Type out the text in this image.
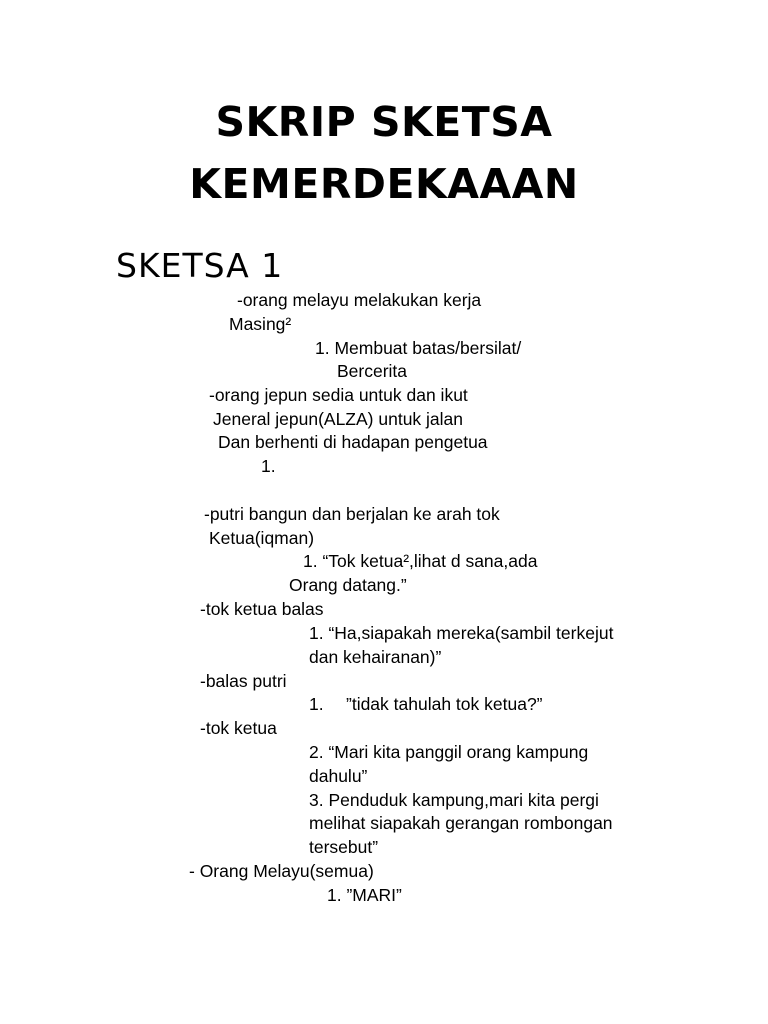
SKRIP SKETSA
KEMERDEKAAAN
SKETSA 1
-orang melayu melakukan kerja
Masing²
1. Membuat batas/bersilat/
Bercerita
-orang jepun sedia untuk dan ikut
Jeneral jepun(ALZA) untuk jalan
Dan berhenti di hadapan pengetua
1.
-putri bangun dan berjalan ke arah tok
Ketua(iqman)
1. “Tok ketua²,lihat d sana,ada
Orang datang.”
-tok ketua balas
1. “Ha,siapakah mereka(sambil terkejut
dan kehairanan)”
-balas putri
1. ”tidak tahulah tok ketua?”
-tok ketua
2. “Mari kita panggil orang kampung
dahulu”
3. Penduduk kampung,mari kita pergi
melihat siapakah gerangan rombongan
tersebut”
- Orang Melayu(semua)
1. ”MARI”
